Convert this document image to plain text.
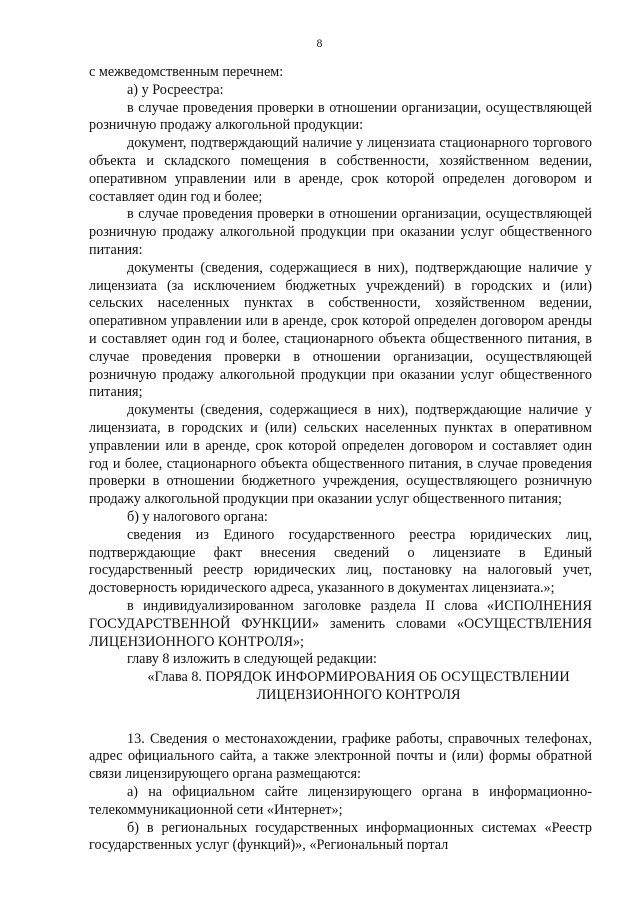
8

с межведомственным перечнем:

а) у Росреестра:

в случае проведения проверки в отношении организации, осуществляющей розничную продажу алкогольной продукции:

документ, подтверждающий наличие у лицензиата стационарного торгового объекта и складского помещения в собственности, хозяйственном ведении, оперативном управлении или в аренде, срок которой определен договором и составляет один год и более;

в случае проведения проверки в отношении организации, осуществляющей розничную продажу алкогольной продукции при оказании услуг общественного питания:

документы (сведения, содержащиеся в них), подтверждающие наличие у лицензиата (за исключением бюджетных учреждений) в городских и (или) сельских населенных пунктах в собственности, хозяйственном ведении, оперативном управлении или в аренде, срок которой определен договором аренды и составляет один год и более, стационарного объекта общественного питания, в случае проведения проверки в отношении организации, осуществляющей розничную продажу алкогольной продукции при оказании услуг общественного питания;

документы (сведения, содержащиеся в них), подтверждающие наличие у лицензиата, в городских и (или) сельских населенных пунктах в оперативном управлении или в аренде, срок которой определен договором и составляет один год и более, стационарного объекта общественного питания, в случае проведения проверки в отношении бюджетного учреждения, осуществляющего розничную продажу алкогольной продукции при оказании услуг общественного питания;

б) у налогового органа:

сведения из Единого государственного реестра юридических лиц, подтверждающие факт внесения сведений о лицензиате в Единый государственный реестр юридических лиц, постановку на налоговый учет, достоверность юридического адреса, указанного в документах лицензиата.»;

в индивидуализированном заголовке раздела II слова «ИСПОЛНЕНИЯ ГОСУДАРСТВЕННОЙ ФУНКЦИИ» заменить словами «ОСУЩЕСТВЛЕНИЯ ЛИЦЕНЗИОННОГО КОНТРОЛЯ»;

главу 8 изложить в следующей редакции:

«Глава 8. ПОРЯДОК ИНФОРМИРОВАНИЯ ОБ ОСУЩЕСТВЛЕНИИ ЛИЦЕНЗИОННОГО КОНТРОЛЯ

13. Сведения о местонахождении, графике работы, справочных телефонах, адрес официального сайта, а также электронной почты и (или) формы обратной связи лицензирующего органа размещаются:

а) на официальном сайте лицензирующего органа в информационно-телекоммуникационной сети «Интернет»;

б) в региональных государственных информационных системах «Реестр государственных услуг (функций)», «Региональный портал
